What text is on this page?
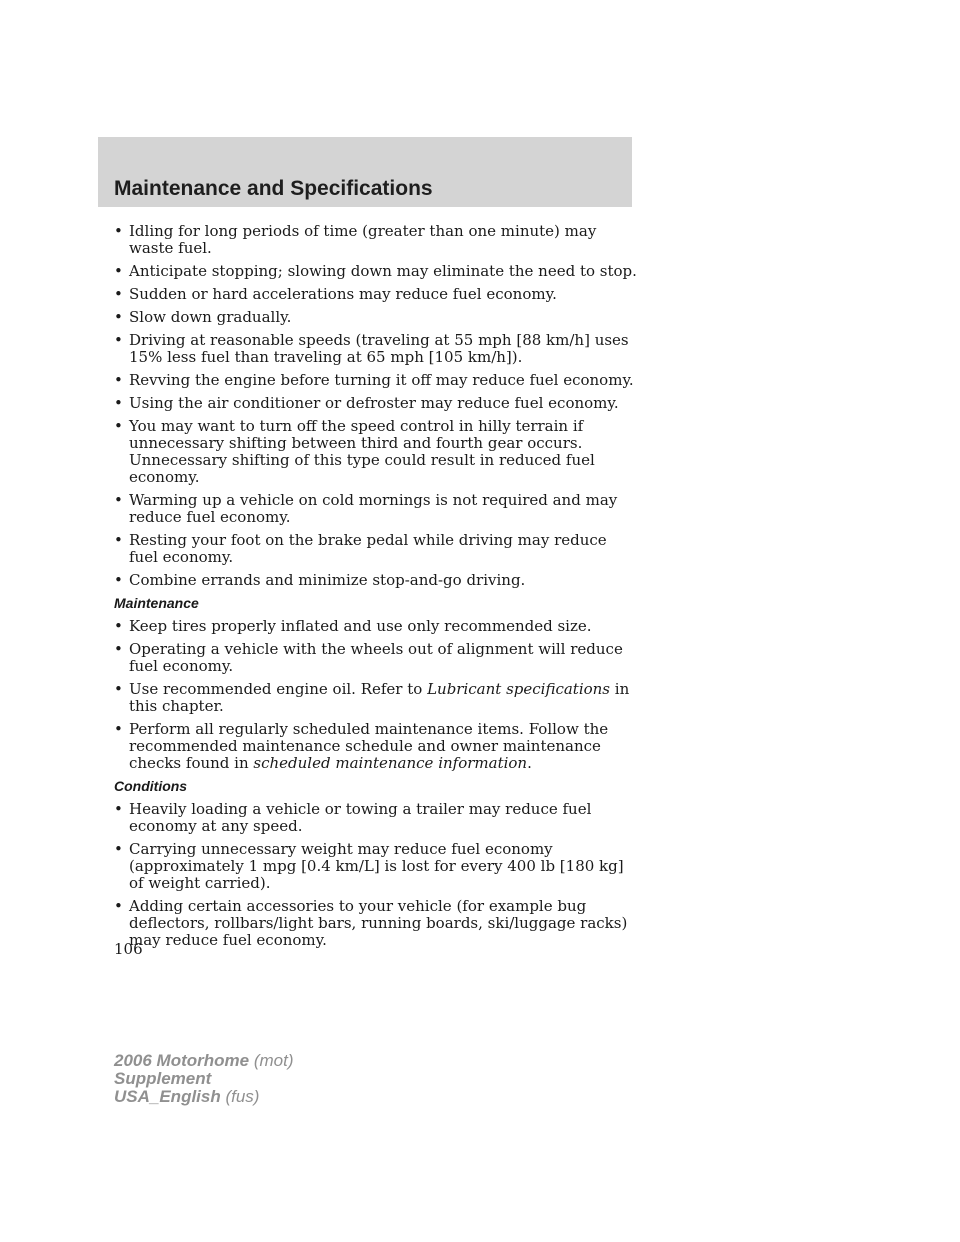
Maintenance and Specifications
• Idling for long periods of time (greater than one minute) may waste fuel.
• Anticipate stopping; slowing down may eliminate the need to stop.
• Sudden or hard accelerations may reduce fuel economy.
• Slow down gradually.
• Driving at reasonable speeds (traveling at 55 mph [88 km/h] uses 15% less fuel than traveling at 65 mph [105 km/h]).
• Revving the engine before turning it off may reduce fuel economy.
• Using the air conditioner or defroster may reduce fuel economy.
• You may want to turn off the speed control in hilly terrain if unnecessary shifting between third and fourth gear occurs. Unnecessary shifting of this type could result in reduced fuel economy.
• Warming up a vehicle on cold mornings is not required and may reduce fuel economy.
• Resting your foot on the brake pedal while driving may reduce fuel economy.
• Combine errands and minimize stop-and-go driving.
Maintenance
• Keep tires properly inflated and use only recommended size.
• Operating a vehicle with the wheels out of alignment will reduce fuel economy.
• Use recommended engine oil. Refer to Lubricant specifications in this chapter.
• Perform all regularly scheduled maintenance items. Follow the recommended maintenance schedule and owner maintenance checks found in scheduled maintenance information.
Conditions
• Heavily loading a vehicle or towing a trailer may reduce fuel economy at any speed.
• Carrying unnecessary weight may reduce fuel economy (approximately 1 mpg [0.4 km/L] is lost for every 400 lb [180 kg] of weight carried).
• Adding certain accessories to your vehicle (for example bug deflectors, rollbars/light bars, running boards, ski/luggage racks) may reduce fuel economy.
106
2006 Motorhome (mot)
Supplement
USA_English (fus)
